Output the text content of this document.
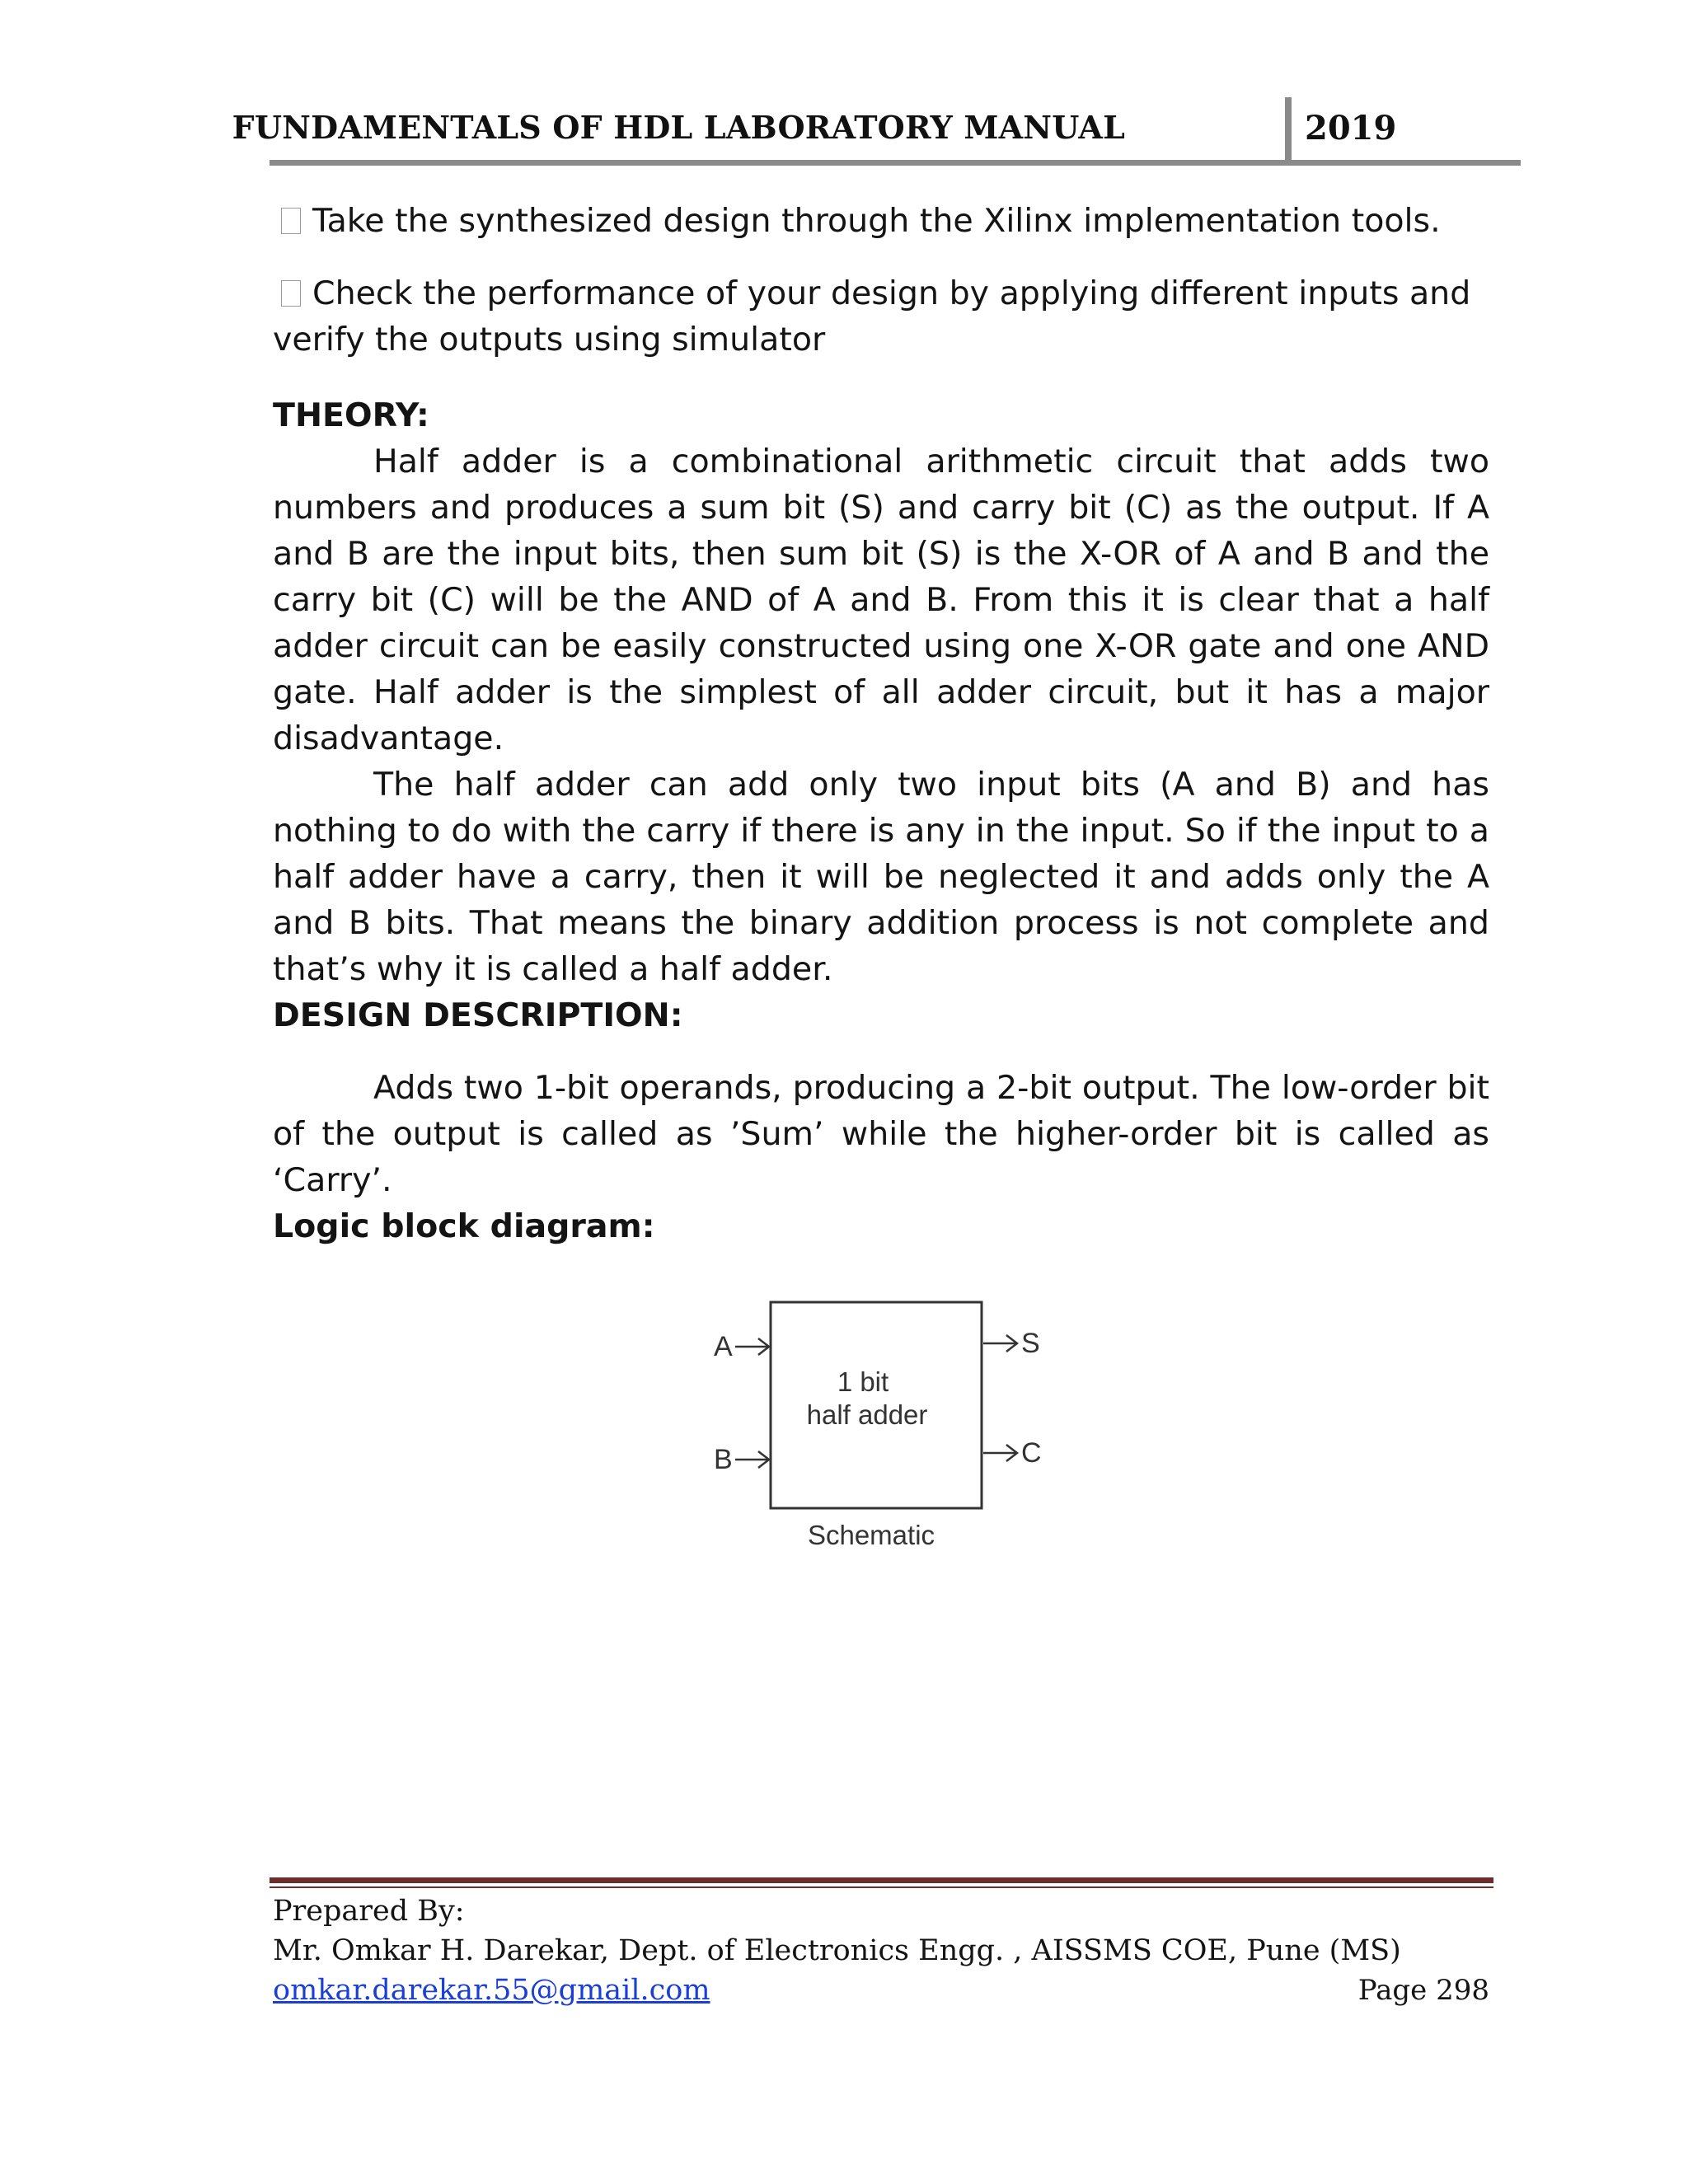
FUNDAMENTALS OF HDL LABORATORY MANUAL	2019

Take the synthesized design through the Xilinx implementation tools.

Check the performance of your design by applying different inputs and verify the outputs using simulator

THEORY:

Half adder is a combinational arithmetic circuit that adds two numbers and produces a sum bit (S) and carry bit (C) as the output. If A and B are the input bits, then sum bit (S) is the X-OR of A and B and the carry bit (C) will be the AND of A and B. From this it is clear that a half adder circuit can be easily constructed using one X-OR gate and one AND gate. Half adder is the simplest of all adder circuit, but it has a major disadvantage.

The half adder can add only two input bits (A and B) and has nothing to do with the carry if there is any in the input. So if the input to a half adder have a carry, then it will be neglected it and adds only the A and B bits. That means the binary addition process is not complete and that’s why it is called a half adder.

DESIGN DESCRIPTION:

Adds two 1-bit operands, producing a 2-bit output. The low-order bit of the output is called as ’Sum’ while the higher-order bit is called as ‘Carry’.

Logic block diagram:

A
B
S
C
1 bit
half adder
Schematic
Prepared By:
Mr. Omkar H. Darekar, Dept. of Electronics Engg. , AISSMS COE, Pune (MS)
omkar.darekar.55@gmail.com	Page 298
